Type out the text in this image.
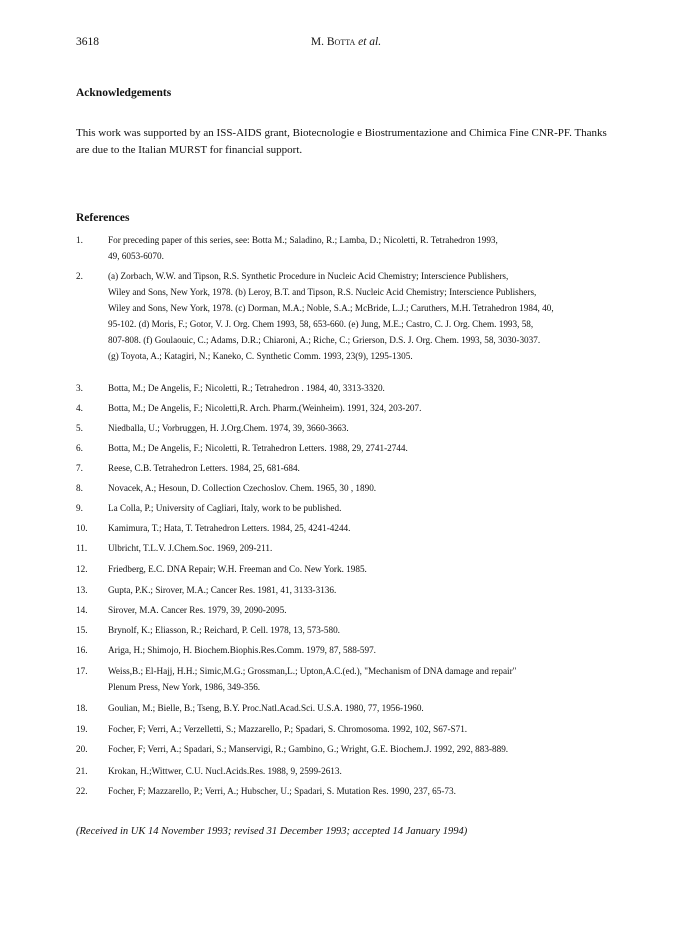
3618	M. Botta et al.
Acknowledgements

This work was supported by an ISS-AIDS grant, Biotecnologie e Biostrumentazione and Chimica Fine CNR-PF. Thanks are due to the Italian MURST for financial support.

References
1.	For preceding paper of this series, see: Botta M.; Saladino, R.; Lamba, D.; Nicoletti, R. Tetrahedron 1993,
49, 6053-6070.
2.	(a) Zorbach, W.W. and Tipson, R.S. Synthetic Procedure in Nucleic Acid Chemistry; Interscience Publishers,
Wiley and Sons, New York, 1978. (b) Leroy, B.T. and Tipson, R.S. Nucleic Acid Chemistry; Interscience Publishers,
Wiley and Sons, New York, 1978. (c) Dorman, M.A.; Noble, S.A.; McBride, L.J.; Caruthers, M.H. Tetrahedron 1984, 40,
95-102. (d) Moris, F.; Gotor, V. J. Org. Chem 1993, 58, 653-660. (e) Jung, M.E.; Castro, C. J. Org. Chem. 1993, 58,
807-808. (f) Goulaouic, C.; Adams, D.R.; Chiaroni, A.; Riche, C.; Grierson, D.S. J. Org. Chem. 1993, 58, 3030-3037.
(g) Toyota, A.; Katagiri, N.; Kaneko, C. Synthetic Comm. 1993, 23(9), 1295-1305.
3.	Botta, M.; De Angelis, F.; Nicoletti, R.; Tetrahedron . 1984, 40, 3313-3320.
4.	Botta, M.; De Angelis, F.; Nicoletti,R. Arch. Pharm.(Weinheim). 1991, 324, 203-207.
5.	Niedballa, U.; Vorbruggen, H. J.Org.Chem. 1974, 39, 3660-3663.
6.	Botta, M.; De Angelis, F.; Nicoletti, R. Tetrahedron Letters. 1988, 29, 2741-2744.
7.	Reese, C.B. Tetrahedron Letters. 1984, 25, 681-684.
8.	Novacek, A.; Hesoun, D. Collection Czechoslov. Chem. 1965, 30 , 1890.
9.	La Colla, P.; University of Cagliari, Italy, work to be published.
10. Kamimura, T.; Hata, T. Tetrahedron Letters. 1984, 25, 4241-4244.
11. Ulbricht, T.L.V. J.Chem.Soc. 1969, 209-211.
12. Friedberg, E.C. DNA Repair; W.H. Freeman and Co. New York. 1985.
13. Gupta, P.K.; Sirover, M.A.; Cancer Res. 1981, 41, 3133-3136.
14. Sirover, M.A. Cancer Res. 1979, 39, 2090-2095.
15. Brynolf, K.; Eliasson, R.; Reichard, P. Cell. 1978, 13, 573-580.
16. Ariga, H.; Shimojo, H. Biochem.Biophis.Res.Comm. 1979, 87, 588-597.
17. Weiss,B.; El-Hajj, H.H.; Simic,M.G.; Grossman,L.; Upton,A.C.(ed.), "Mechanism of DNA damage and repair"
Plenum Press, New York, 1986, 349-356.
18. Goulian, M.; Bielle, B.; Tseng, B.Y. Proc.Natl.Acad.Sci. U.S.A. 1980, 77, 1956-1960.
19. Focher, F; Verri, A.; Verzelletti, S.; Mazzarello, P.; Spadari, S. Chromosoma. 1992, 102, S67-S71.
20. Focher, F; Verri, A.; Spadari, S.; Manservigi, R.; Gambino, G.; Wright, G.E. Biochem.J. 1992, 292, 883-889.
21. Krokan, H.;Wittwer, C.U. Nucl.Acids.Res. 1988, 9, 2599-2613.
22. Focher, F; Mazzarello, P.; Verri, A.; Hubscher, U.; Spadari, S. Mutation Res. 1990, 237, 65-73.

(Received in UK 14 November 1993; revised 31 December 1993; accepted 14 January 1994)
